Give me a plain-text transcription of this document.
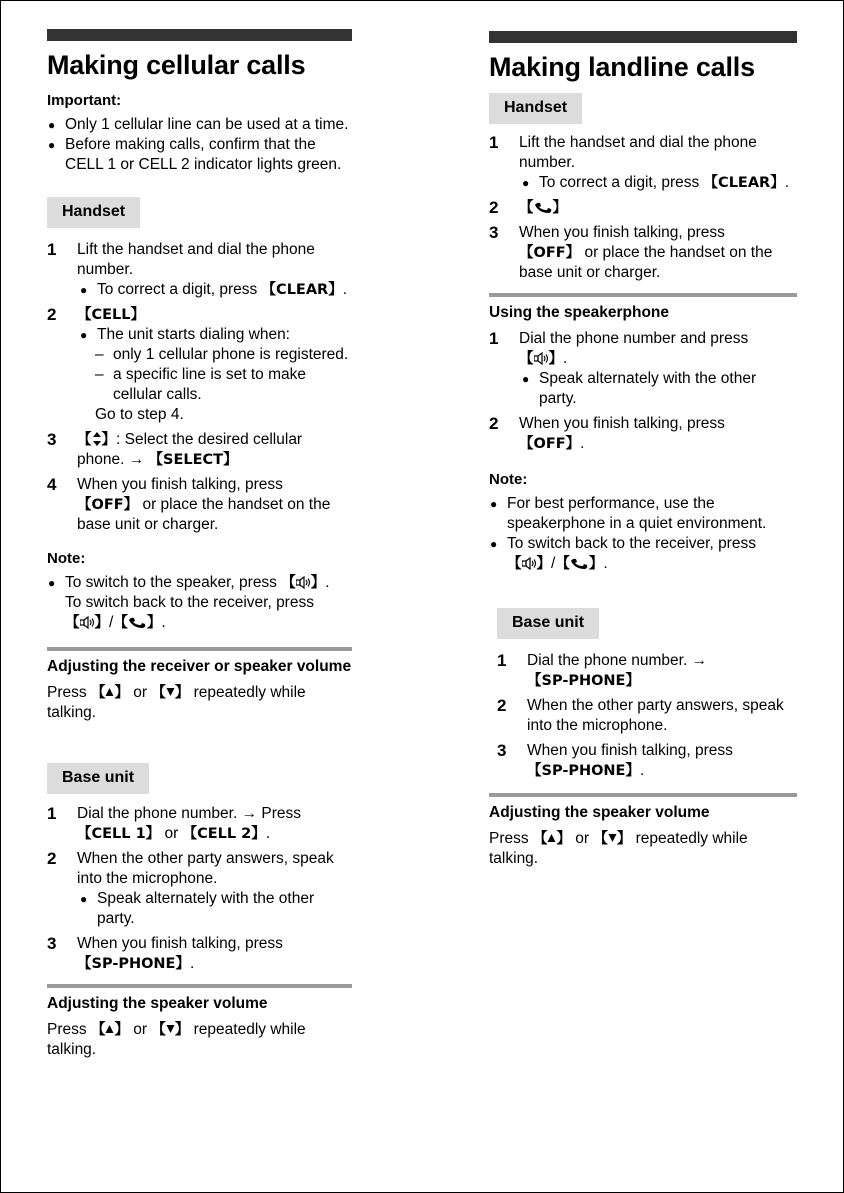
Making cellular calls
Important:
● Only 1 cellular line can be used at a time.
● Before making calls, confirm that the CELL 1 or CELL 2 indicator lights green.
Handset
1 Lift the handset and dial the phone number.
● To correct a digit, press 【CLEAR】.
2 【CELL】
● The unit starts dialing when:
– only 1 cellular phone is registered.
– a specific line is set to make cellular calls.
Go to step 4.
3 【 】: Select the desired cellular phone. → 【SELECT】
4 When you finish talking, press
【OFF】 or place the handset on the base unit or charger.
Note:
● To switch to the speaker, press 【 】.
To switch back to the receiver, press
【 】/【 】.
Adjusting the receiver or speaker volume
Press 【 】 or 【 】 repeatedly while talking.
Base unit
1 Dial the phone number. → Press
【CELL 1】 or 【CELL 2】.
2 When the other party answers, speak into the microphone.
● Speak alternately with the other party.
3 When you finish talking, press
【SP-PHONE】.
Adjusting the speaker volume
Press 【 】 or 【 】 repeatedly while talking.
Making landline calls
Handset
1 Lift the handset and dial the phone number.
● To correct a digit, press 【CLEAR】.
2 【 】
3 When you finish talking, press
【OFF】 or place the handset on the base unit or charger.
Using the speakerphone
1 Dial the phone number and press
【 】.
● Speak alternately with the other party.
2 When you finish talking, press
【OFF】.
Note:
● For best performance, use the speakerphone in a quiet environment.
● To switch back to the receiver, press
【 】/【 】.
Base unit
1 Dial the phone number. →
【SP-PHONE】
2 When the other party answers, speak into the microphone.
3 When you finish talking, press
【SP-PHONE】.
Adjusting the speaker volume
Press 【 】 or 【 】 repeatedly while talking.
